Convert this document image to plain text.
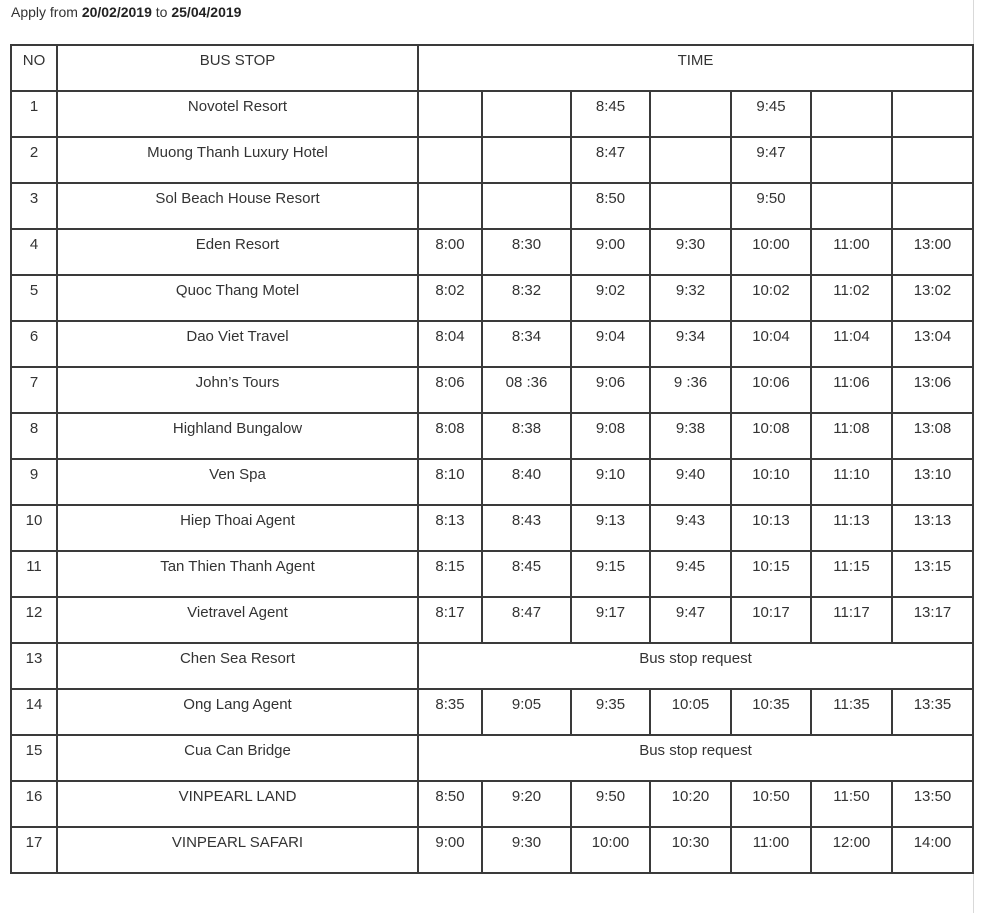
Apply from 20/02/2019 to 25/04/2019
NO	BUS STOP	TIME						
1	Novotel Resort			8:45		9:45		
2	Muong Thanh Luxury Hotel			8:47		9:47		
3	Sol Beach House Resort			8:50		9:50		
4	Eden Resort	8:00	8:30	9:00	9:30	10:00	11:00	13:00
5	Quoc Thang Motel	8:02	8:32	9:02	9:32	10:02	11:02	13:02
6	Dao Viet Travel	8:04	8:34	9:04	9:34	10:04	11:04	13:04
7	John’s Tours	8:06	08 :36	9:06	9 :36	10:06	11:06	13:06
8	Highland Bungalow	8:08	8:38	9:08	9:38	10:08	11:08	13:08
9	Ven Spa	8:10	8:40	9:10	9:40	10:10	11:10	13:10
10	Hiep Thoai Agent	8:13	8:43	9:13	9:43	10:13	11:13	13:13
11	Tan Thien Thanh Agent	8:15	8:45	9:15	9:45	10:15	11:15	13:15
12	Vietravel Agent	8:17	8:47	9:17	9:47	10:17	11:17	13:17
13	Chen Sea Resort	Bus stop request						
14	Ong Lang Agent	8:35	9:05	9:35	10:05	10:35	11:35	13:35
15	Cua Can Bridge	Bus stop request						
16	VINPEARL LAND	8:50	9:20	9:50	10:20	10:50	11:50	13:50
17	VINPEARL SAFARI	9:00	9:30	10:00	10:30	11:00	12:00	14:00
